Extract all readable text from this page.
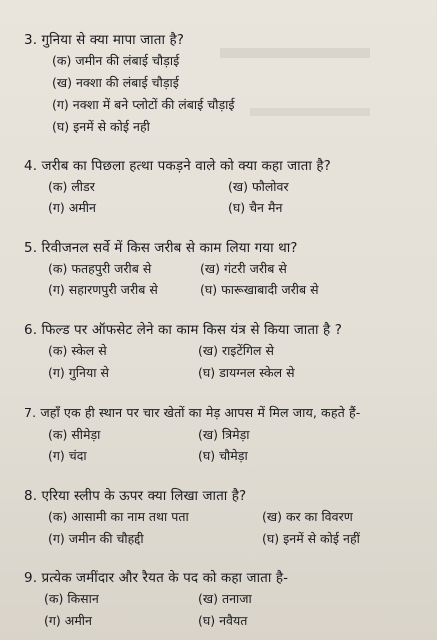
3. गुनिया से क्या मापा जाता है?
(क) जमीन की लंबाई चौड़ाई
(ख) नक्शा की लंबाई चौड़ाई
(ग) नक्शा में बने प्लोटों की लंबाई चौड़ाई
(घ) इनमें से कोई नही
4. जरीब का पिछला हत्था पकड़ने वाले को क्या कहा जाता है?
(क) लीडर	(ख) फौलोवर
(ग) अमीन	(घ) चैन मैन
5. रिवीजनल सर्वे में किस जरीब से काम लिया गया था?
(क) फतहपुरी जरीब से	(ख) गंटरी जरीब से
(ग) सहारणपुरी जरीब से	(घ) फारूखाबादी जरीब से
6. फिल्ड पर ऑफसेट लेने का काम किस यंत्र से किया जाता है ?
(क) स्केल से	(ख) राइटेंगिल से
(ग) गुनिया से	(घ) डायग्नल स्केल से
7. जहाँ एक ही स्थान पर चार खेतों का मेड़ आपस में मिल जाय, कहते हैं-
(क) सीमेड़ा	(ख) त्रिमेड़ा
(ग) चंदा	(घ) चौमेड़ा
8. एरिया स्लीप के ऊपर क्या लिखा जाता है?
(क) आसामी का नाम तथा पता	(ख) कर का विवरण
(ग) जमीन की चौहद्दी	(घ) इनमें से कोई नहीं
9. प्रत्येक जमींदार और रैयत के पद को कहा जाता है-
(क) किसान	(ख) तनाजा
(ग) अमीन	(घ) नवैयत
